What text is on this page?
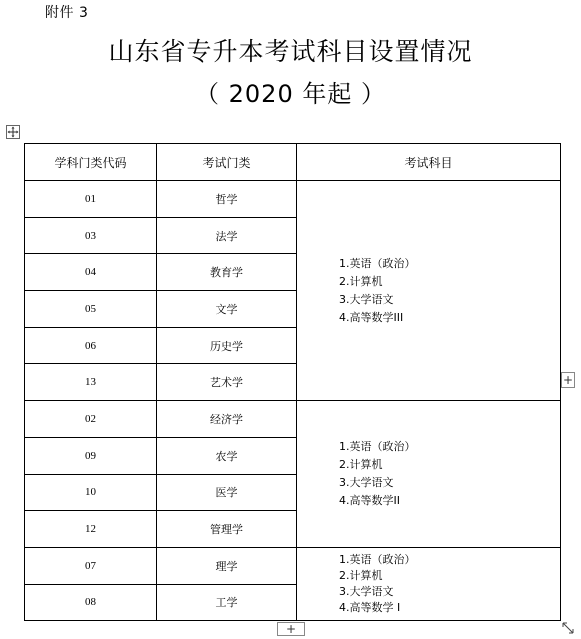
附件 3
山东省专升本考试科目设置情况
（ 2020 年起 ）
学科门类代码	考试门类	考试科目
01	哲学	1.英语（政治）
2.计算机
3.大学语文
4.高等数学III

03	法学	
04	教育学	
05	文学	
06	历史学	
13	艺术学	
02	经济学	1.英语（政治）
2.计算机
3.大学语文
4.高等数学II

09	农学	
10	医学	
12	管理学	
07	理学	1.英语（政治）
2.计算机
3.大学语文
4.高等数学 I

08	工学	
+
+
